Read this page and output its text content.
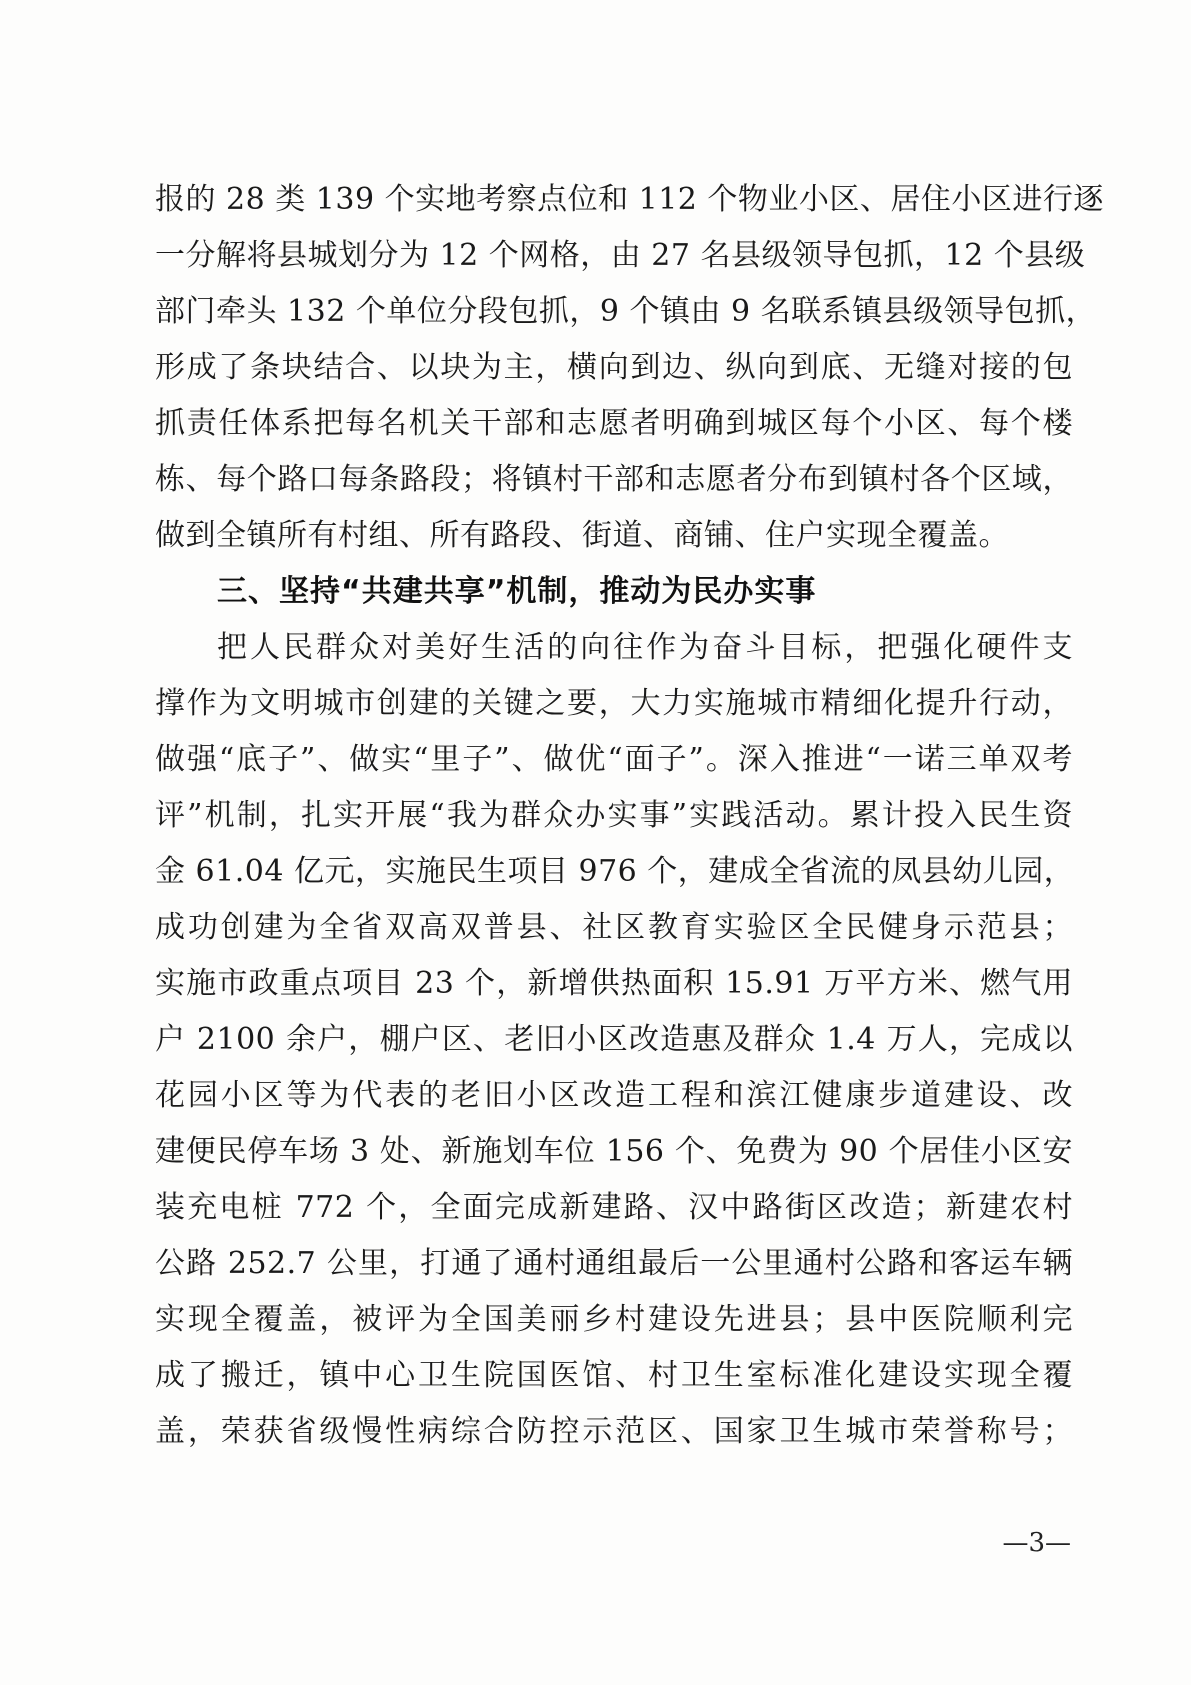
报的 28 类 139 个实地考察点位和 112 个物业小区、居住小区进行逐
一分解将县城划分为 12 个网格，由 27 名县级领导包抓，12 个县级
部门牵头 132 个单位分段包抓，9 个镇由 9 名联系镇县级领导包抓，
形成了条块结合、以块为主，横向到边、纵向到底、无缝对接的包
抓责任体系把每名机关干部和志愿者明确到城区每个小区、每个楼
栋、每个路口每条路段；将镇村干部和志愿者分布到镇村各个区域，
做到全镇所有村组、所有路段、街道、商铺、住户实现全覆盖。
三、坚持“共建共享”机制，推动为民办实事
把人民群众对美好生活的向往作为奋斗目标，把强化硬件支
撑作为文明城市创建的关键之要，大力实施城市精细化提升行动，
做强“底子”、做实“里子”、做优“面子”。深入推进“一诺三单双考
评”机制，扎实开展“我为群众办实事”实践活动。累计投入民生资
金 61.04 亿元，实施民生项目 976 个，建成全省流的凤县幼儿园，
成功创建为全省双高双普县、社区教育实验区全民健身示范县；
实施市政重点项目 23 个，新增供热面积 15.91 万平方米、燃气用
户 2100 余户，棚户区、老旧小区改造惠及群众 1.4 万人，完成以
花园小区等为代表的老旧小区改造工程和滨江健康步道建设、改
建便民停车场 3 处、新施划车位 156 个、免费为 90 个居佳小区安
装充电桩 772 个，全面完成新建路、汉中路街区改造；新建农村
公路 252.7 公里，打通了通村通组最后一公里通村公路和客运车辆
实现全覆盖，被评为全国美丽乡村建设先进县；县中医院顺利完
成了搬迁，镇中心卫生院国医馆、村卫生室标准化建设实现全覆
盖，荣获省级慢性病综合防控示范区、国家卫生城市荣誉称号；
—3—
